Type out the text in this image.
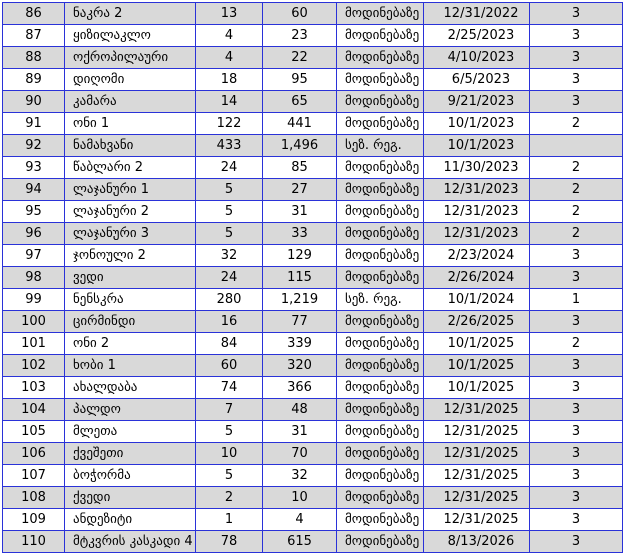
86	ნაკრა 2	13	60	მოდინებაზე	12/31/2022	3
87	ყიზილაკლო	4	23	მოდინებაზე	2/25/2023	3
88	ოქროპილაური	4	22	მოდინებაზე	4/10/2023	3
89	დიღომი	18	95	მოდინებაზე	6/5/2023	3
90	კამარა	14	65	მოდინებაზე	9/21/2023	3
91	ონი 1	122	441	მოდინებაზე	10/1/2023	2
92	ნამახვანი	433	1,496	სეზ. რეგ.	10/1/2023	
93	წაბლარი 2	24	85	მოდინებაზე	11/30/2023	2
94	ლაჯანური 1	5	27	მოდინებაზე	12/31/2023	2
95	ლაჯანური 2	5	31	მოდინებაზე	12/31/2023	2
96	ლაჯანური 3	5	33	მოდინებაზე	12/31/2023	2
97	ჯონოული 2	32	129	მოდინებაზე	2/23/2024	3
98	ვედი	24	115	მოდინებაზე	2/26/2024	3
99	ნენსკრა	280	1,219	სეზ. რეგ.	10/1/2024	1
100	ცირმინდი	16	77	მოდინებაზე	2/26/2025	3
101	ონი 2	84	339	მოდინებაზე	10/1/2025	2
102	ხობი 1	60	320	მოდინებაზე	10/1/2025	3
103	ახალდაბა	74	366	მოდინებაზე	10/1/2025	3
104	პალდო	7	48	მოდინებაზე	12/31/2025	3
105	მლეთა	5	31	მოდინებაზე	12/31/2025	3
106	ქვეშეთი	10	70	მოდინებაზე	12/31/2025	3
107	ბოჭორმა	5	32	მოდინებაზე	12/31/2025	3
108	ქვედი	2	10	მოდინებაზე	12/31/2025	3
109	ანდეზიტი	1	4	მოდინებაზე	12/31/2025	3
110	მტკვრის კასკადი 4	78	615	მოდინებაზე	8/13/2026	3
